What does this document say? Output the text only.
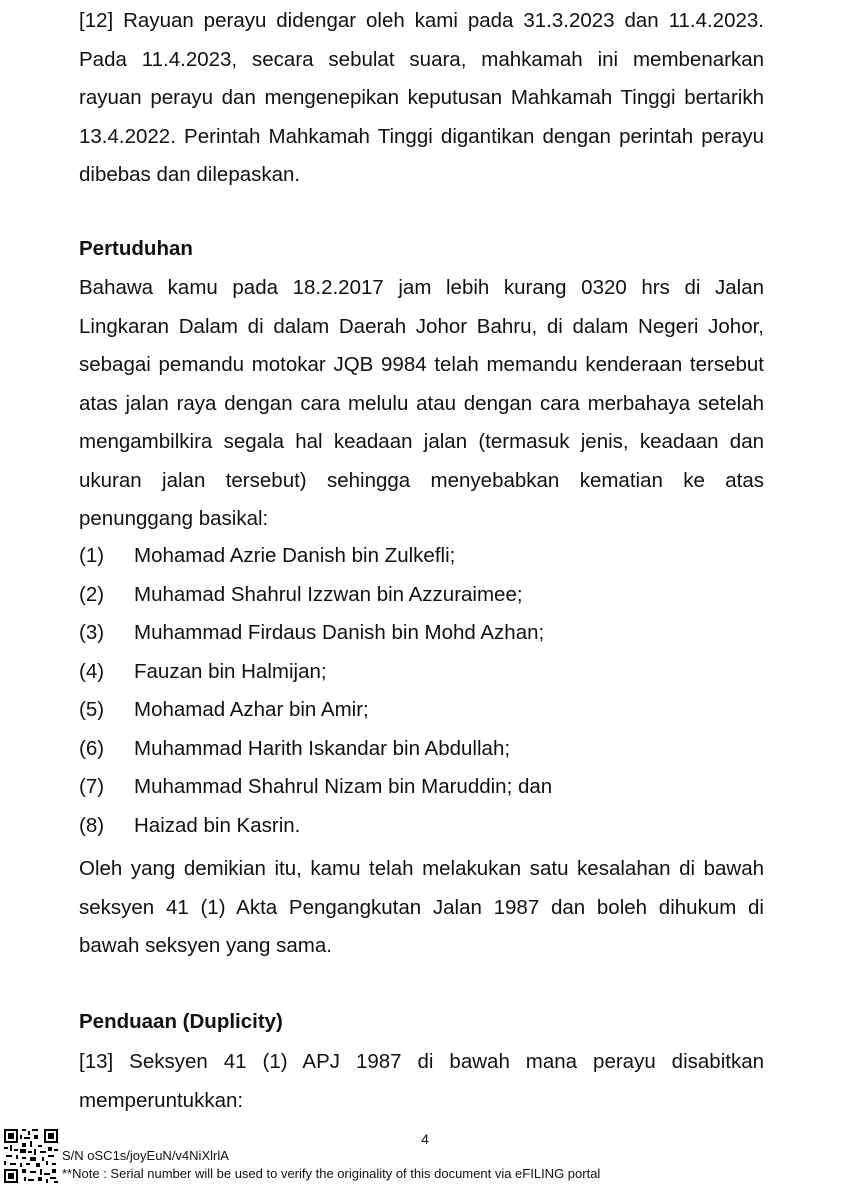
[12] Rayuan perayu didengar oleh kami pada 31.3.2023 dan 11.4.2023. Pada 11.4.2023, secara sebulat suara, mahkamah ini membenarkan rayuan perayu dan mengenepikan keputusan Mahkamah Tinggi bertarikh 13.4.2022. Perintah Mahkamah Tinggi digantikan dengan perintah perayu dibebas dan dilepaskan.

Pertuduhan

Bahawa kamu pada 18.2.2017 jam lebih kurang 0320 hrs di Jalan Lingkaran Dalam di dalam Daerah Johor Bahru, di dalam Negeri Johor, sebagai pemandu motokar JQB 9984 telah memandu kenderaan tersebut atas jalan raya dengan cara melulu atau dengan cara merbahaya setelah mengambilkira segala hal keadaan jalan (termasuk jenis, keadaan dan ukuran jalan tersebut) sehingga menyebabkan kematian ke atas penunggang basikal:

(1)	Mohamad Azrie Danish bin Zulkefli;
(2)	Muhamad Shahrul Izzwan bin Azzuraimee;
(3)	Muhammad Firdaus Danish bin Mohd Azhan;
(4)	Fauzan bin Halmijan;
(5)	Mohamad Azhar bin Amir;
(6)	Muhammad Harith Iskandar bin Abdullah;
(7)	Muhammad Shahrul Nizam bin Maruddin; dan
(8)	Haizad bin Kasrin.

Oleh yang demikian itu, kamu telah melakukan satu kesalahan di bawah seksyen 41 (1) Akta Pengangkutan Jalan 1987 dan boleh dihukum di bawah seksyen yang sama.

Penduaan (Duplicity)

[13] Seksyen 41 (1) APJ 1987 di bawah mana perayu disabitkan memperuntukkan:

4
S/N oSC1s/joyEuN/v4NiXlrlA
**Note : Serial number will be used to verify the originality of this document via eFILING portal
